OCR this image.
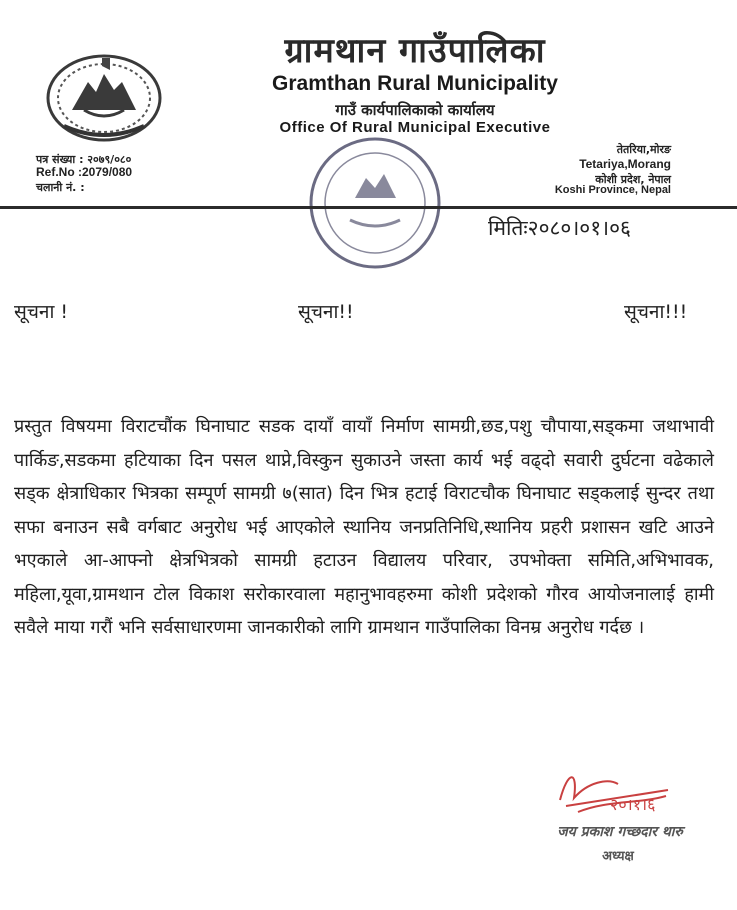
ग्रामथान गाउँपालिका
Gramthan Rural Municipality
गाउँ कार्यपालिकाको कार्यालय
Office Of Rural Municipal Executive
पत्र संख्या : २०७९/०८०
Ref.No :2079/080
चलानी नं. :
तेतरिया,मोरङ
Tetariya,Morang
कोशी प्रदेश, नेपाल
Koshi Province, Nepal
मितिः२०८०।०१।०६
सूचना !	सूचना!!	सूचना!!!
प्रस्तुत विषयमा विराटचौंक घिनाघाट सडक दायाँ वायाँ निर्माण सामग्री,छड,पशु चौपाया,सड्कमा जथाभावी पार्किङ,सडकमा हटियाका दिन पसल थाप्ने,विस्कुन सुकाउने जस्ता कार्य भई वढ्दो सवारी दुर्घटना वढेकाले सड्क क्षेत्राधिकार भित्रका सम्पूर्ण सामग्री ७(सात) दिन भित्र हटाई विराटचौक घिनाघाट सड्कलाई सुन्दर तथा सफा बनाउन सबै वर्गबाट अनुरोध भई आएकोले स्थानिय जनप्रतिनिधि,स्थानिय प्रहरी प्रशासन खटि आउने भएकाले आ-आफ्नो क्षेत्रभित्रको सामग्री हटाउन विद्यालय परिवार, उपभोक्ता समिति,अभिभावक, महिला,यूवा,ग्रामथान टोल विकाश सरोकारवाला महानुभावहरुमा कोशी प्रदेशको गौरव आयोजनालाई हामी सवैले माया गरौं भनि सर्वसाधारणमा जानकारीको लागि ग्रामथान गाउँपालिका विनम्र अनुरोध गर्दछ ।
२०।१।६
जय प्रकाश गच्छदार थारु
अध्यक्ष
